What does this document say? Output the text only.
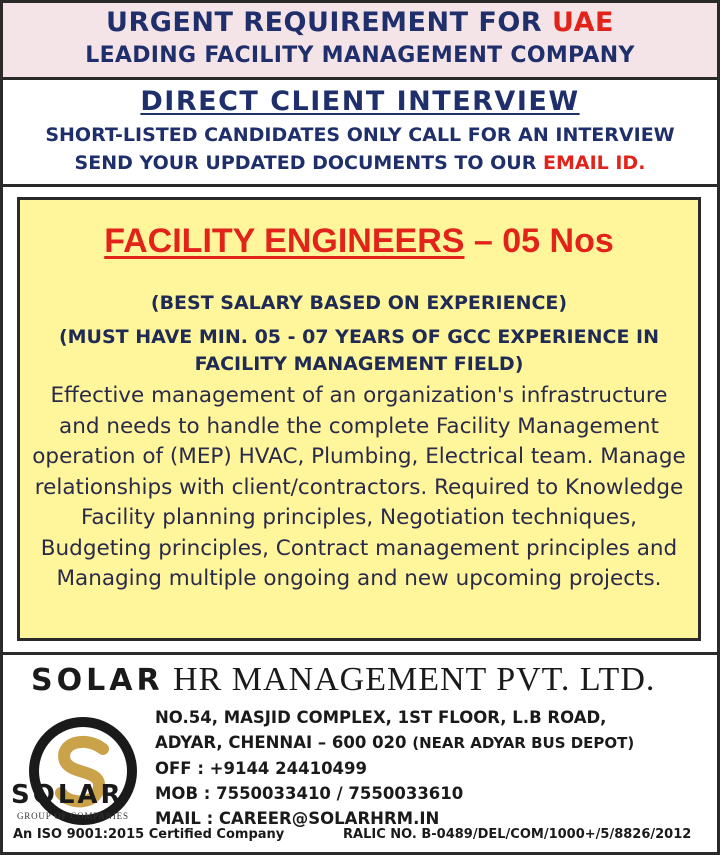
URGENT REQUIREMENT FOR UAE
LEADING FACILITY MANAGEMENT COMPANY
DIRECT CLIENT INTERVIEW
SHORT-LISTED CANDIDATES ONLY CALL FOR AN INTERVIEW
SEND YOUR UPDATED DOCUMENTS TO OUR EMAIL ID.
FACILITY ENGINEERS – 05 Nos
(BEST SALARY BASED ON EXPERIENCE)
(MUST HAVE MIN. 05 - 07 YEARS OF GCC EXPERIENCE IN FACILITY MANAGEMENT FIELD)
Effective management of an organization's infrastructure and needs to handle the complete Facility Management operation of (MEP) HVAC, Plumbing, Electrical team. Manage relationships with client/contractors. Required to Knowledge Facility planning principles, Negotiation techniques, Budgeting principles, Contract management principles and Managing multiple ongoing and new upcoming projects.
SOLAR HR MANAGEMENT PVT. LTD.
SOLAR
GROUP OF COMPANIES
NO.54, MASJID COMPLEX, 1ST FLOOR, L.B ROAD,
ADYAR, CHENNAI – 600 020 (NEAR ADYAR BUS DEPOT)
OFF : +9144 24410499
MOB : 7550033410 / 7550033610
MAIL : CAREER@SOLARHRM.IN
An ISO 9001:2015 Certified Company	RALIC NO. B-0489/DEL/COM/1000+/5/8826/2012
